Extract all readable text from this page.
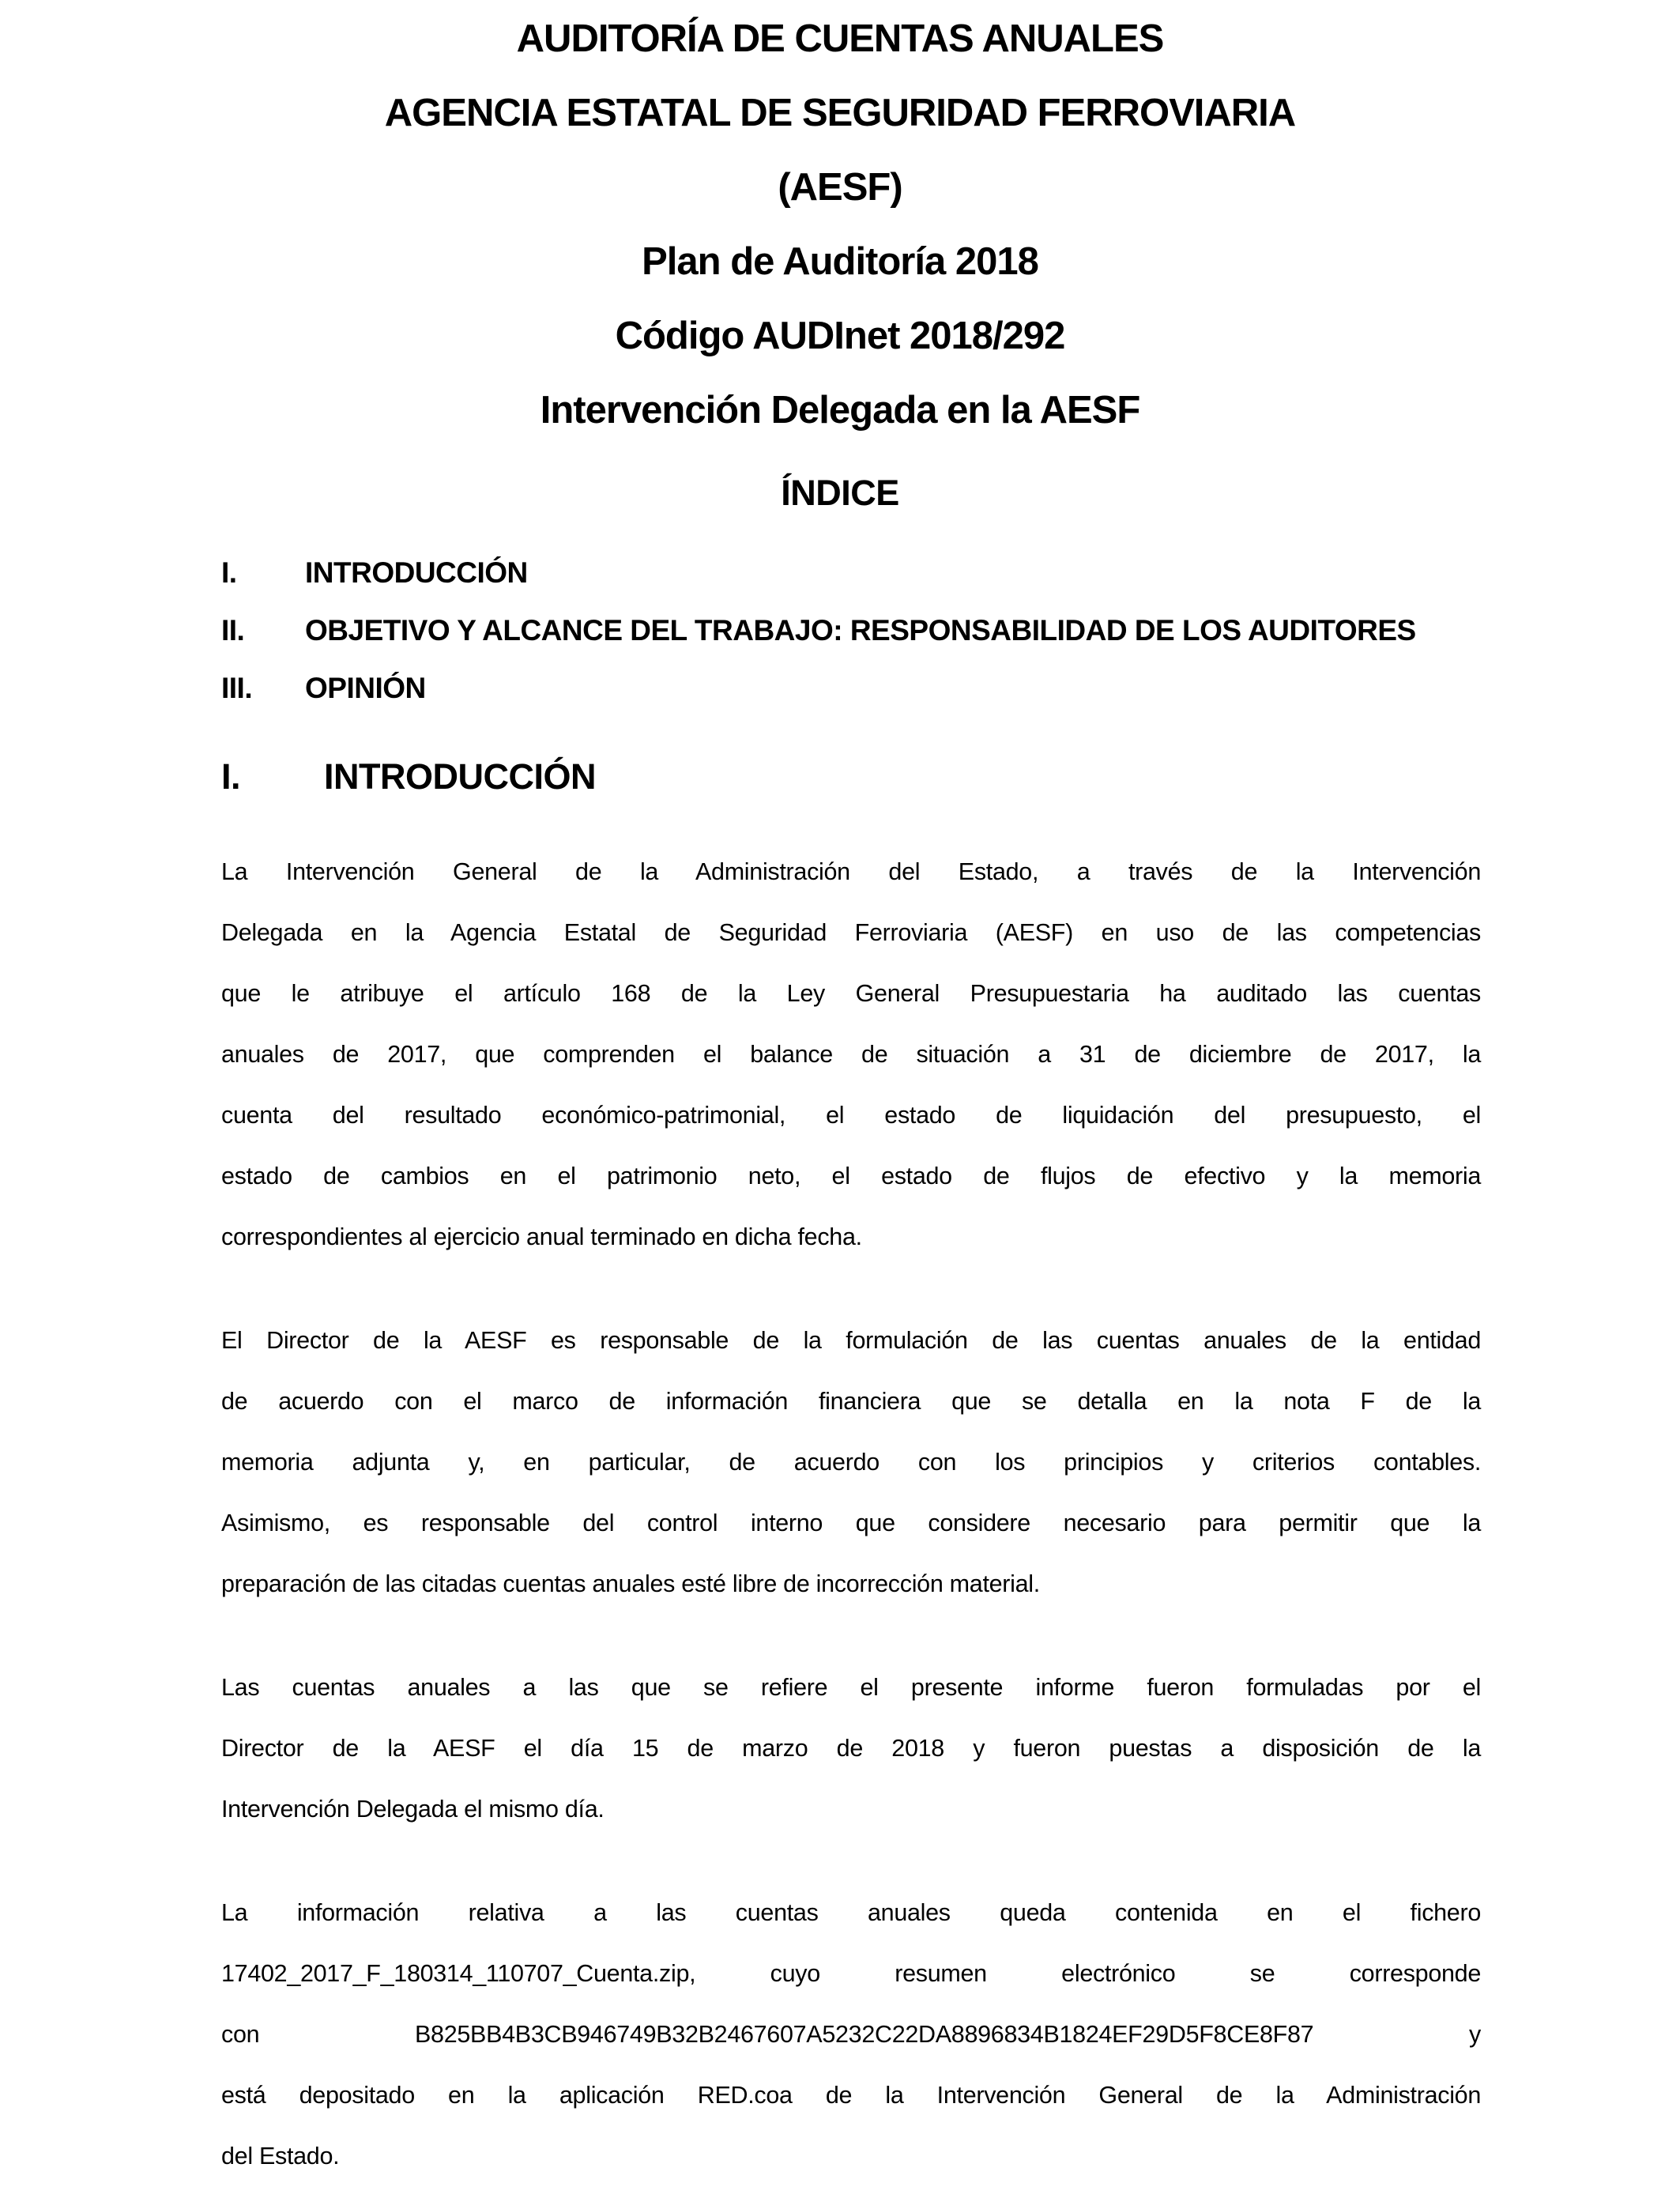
AUDITORÍA DE CUENTAS ANUALES
AGENCIA ESTATAL DE SEGURIDAD FERROVIARIA
(AESF)
Plan de Auditoría 2018
Código AUDInet 2018/292
Intervención Delegada en la AESF
ÍNDICE
I.	INTRODUCCIÓN
II.	OBJETIVO Y ALCANCE DEL TRABAJO: RESPONSABILIDAD DE LOS AUDITORES
III.	OPINIÓN
I.	INTRODUCCIÓN
La Intervención General de la Administración del Estado, a través de la Intervención
Delegada en la Agencia Estatal de Seguridad Ferroviaria (AESF) en uso de las competencias
que le atribuye el artículo 168 de la Ley General Presupuestaria ha auditado las cuentas
anuales de 2017, que comprenden el balance de situación a 31 de diciembre de 2017, la
cuenta del resultado económico-patrimonial, el estado de liquidación del presupuesto, el
estado de cambios en el patrimonio neto, el estado de flujos de efectivo y la memoria
correspondientes al ejercicio anual terminado en dicha fecha.
El Director de la AESF es responsable de la formulación de las cuentas anuales de la entidad
de acuerdo con el marco de información financiera que se detalla en la nota F de la
memoria adjunta y, en particular, de acuerdo con los principios y criterios contables.
Asimismo, es responsable del control interno que considere necesario para permitir que la
preparación de las citadas cuentas anuales esté libre de incorrección material.
Las cuentas anuales a las que se refiere el presente informe fueron formuladas por el
Director de la AESF el día 15 de marzo de 2018 y fueron puestas a disposición de la
Intervención Delegada el mismo día.
La información relativa a las cuentas anuales queda contenida en el fichero
17402_2017_F_180314_110707_Cuenta.zip, cuyo resumen electrónico se corresponde
con B825BB4B3CB946749B32B2467607A5232C22DA8896834B1824EF29D5F8CE8F87 y
está depositado en la aplicación RED.coa de la Intervención General de la Administración
del Estado.
